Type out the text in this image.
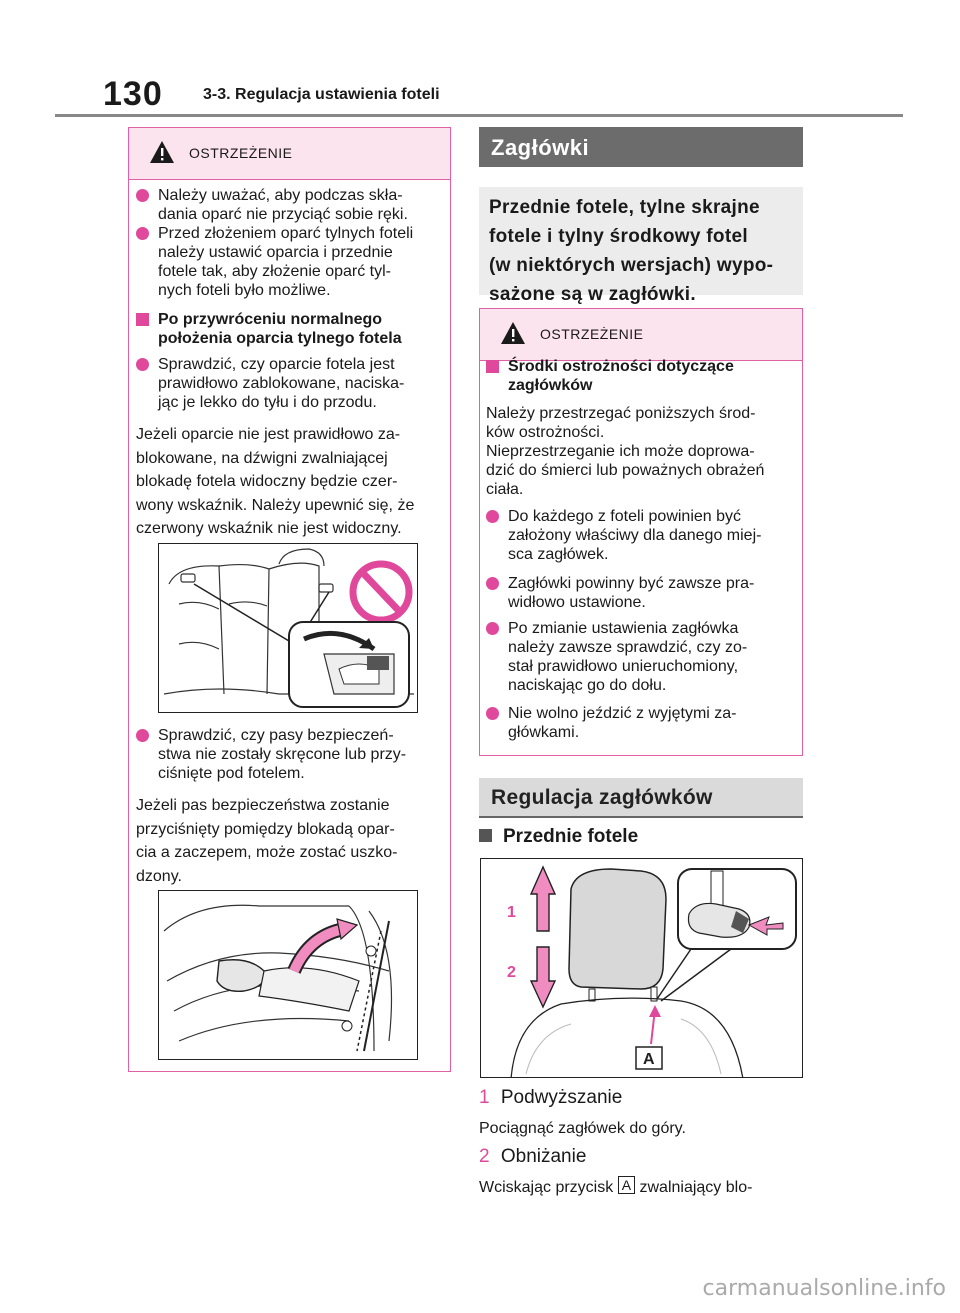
130	3-3. Regulacja ustawienia foteli
OSTRZEŻENIE
Należy uważać, aby podczas skła-
dania oparć nie przyciąć sobie ręki.
Przed złożeniem oparć tylnych foteli
należy ustawić oparcia i przednie
fotele tak, aby złożenie oparć tyl-
nych foteli było możliwe.
Po przywróceniu normalnego
położenia oparcia tylnego fotela
Sprawdzić, czy oparcie fotela jest
prawidłowo zablokowane, naciska-
jąc je lekko do tyłu i do przodu.
Jeżeli oparcie nie jest prawidłowo za-
blokowane, na dźwigni zwalniającej
blokadę fotela widoczny będzie czer-
wony wskaźnik. Należy upewnić się, że
czerwony wskaźnik nie jest widoczny.
Sprawdzić, czy pasy bezpieczeń-
stwa nie zostały skręcone lub przy-
ciśnięte pod fotelem.
Jeżeli pas bezpieczeństwa zostanie
przyciśnięty pomiędzy blokadą opar-
cia a zaczepem, może zostać uszko-
dzony.
Zagłówki
Przednie fotele, tylne skrajne
fotele i tylny środkowy fotel
(w niektórych wersjach) wypo-
sażone są w zagłówki.
OSTRZEŻENIE
Środki ostrożności dotyczące
zagłówków
Należy przestrzegać poniższych środ-
ków ostrożności.
Nieprzestrzeganie ich może doprowa-
dzić do śmierci lub poważnych obrażeń
ciała.
Do każdego z foteli powinien być
założony właściwy dla danego miej-
sca zagłówek.
Zagłówki powinny być zawsze pra-
widłowo ustawione.
Po zmianie ustawienia zagłówka
należy zawsze sprawdzić, czy zo-
stał prawidłowo unieruchomiony,
naciskając go do dołu.
Nie wolno jeździć z wyjętymi za-
główkami.
Regulacja zagłówków
Przednie fotele
1
2
A
1 Podwyższanie
Pociągnąć zagłówek do góry.
2 Obniżanie
Wciskając przycisk A zwalniający blo-
carmanualsonline.info
